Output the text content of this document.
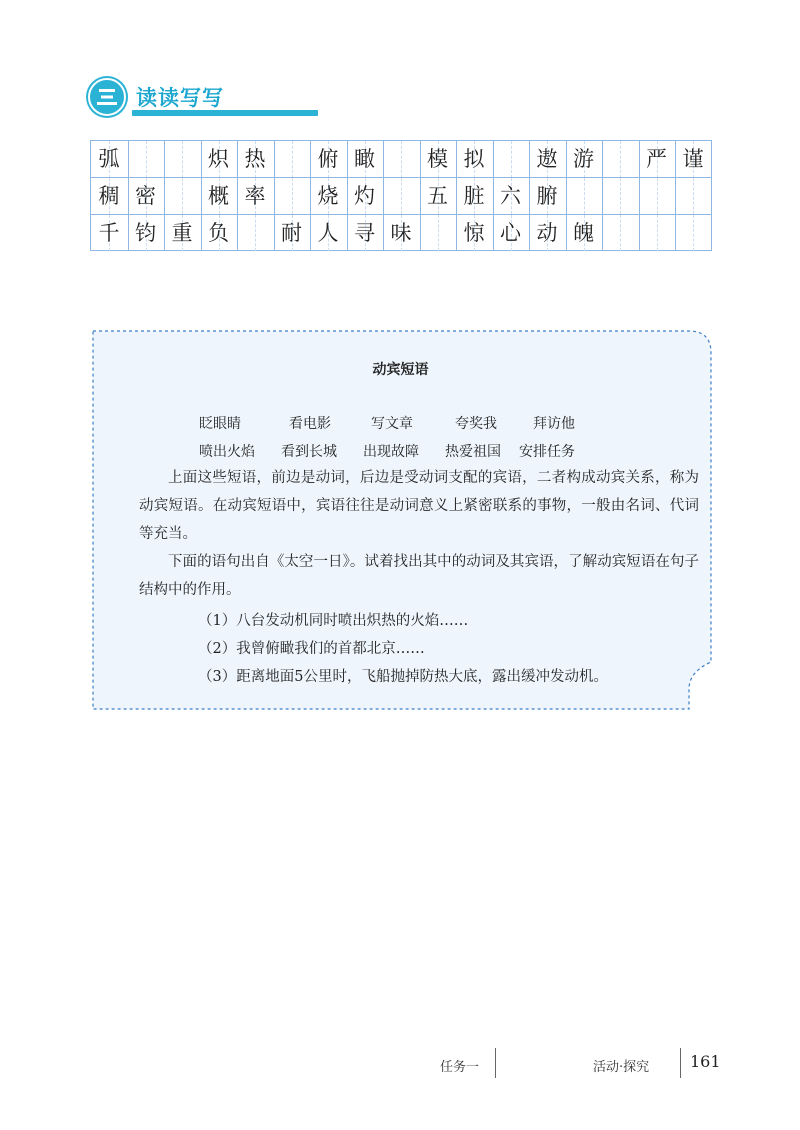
读读写写
弧	炽 热	俯 瞰	模 拟	遨 游	严 谨
稠 密	概 率	烧 灼	五 脏 六 腑
千 钧 重 负	耐 人 寻 味	惊 心 动 魄
动宾短语
眨眼睛	看电影	写文章	夸奖我	拜访他
喷出火焰 看到长城 出现故障 热爱祖国 安排任务

上面这些短语，前边是动词，后边是受动词支配的宾语，二者构成动宾关系，称为动宾短语。在动宾短语中，宾语往往是动词意义上紧密联系的事物，一般由名词、代词等充当。

下面的语句出自《太空一日》。试着找出其中的动词及其宾语，了解动宾短语在句子结构中的作用。

（1）八台发动机同时喷出炽热的火焰……
（2）我曾俯瞰我们的首都北京……
（3）距离地面5公里时，飞船抛掉防热大底，露出缓冲发动机。
任务一	活动·探究	161
